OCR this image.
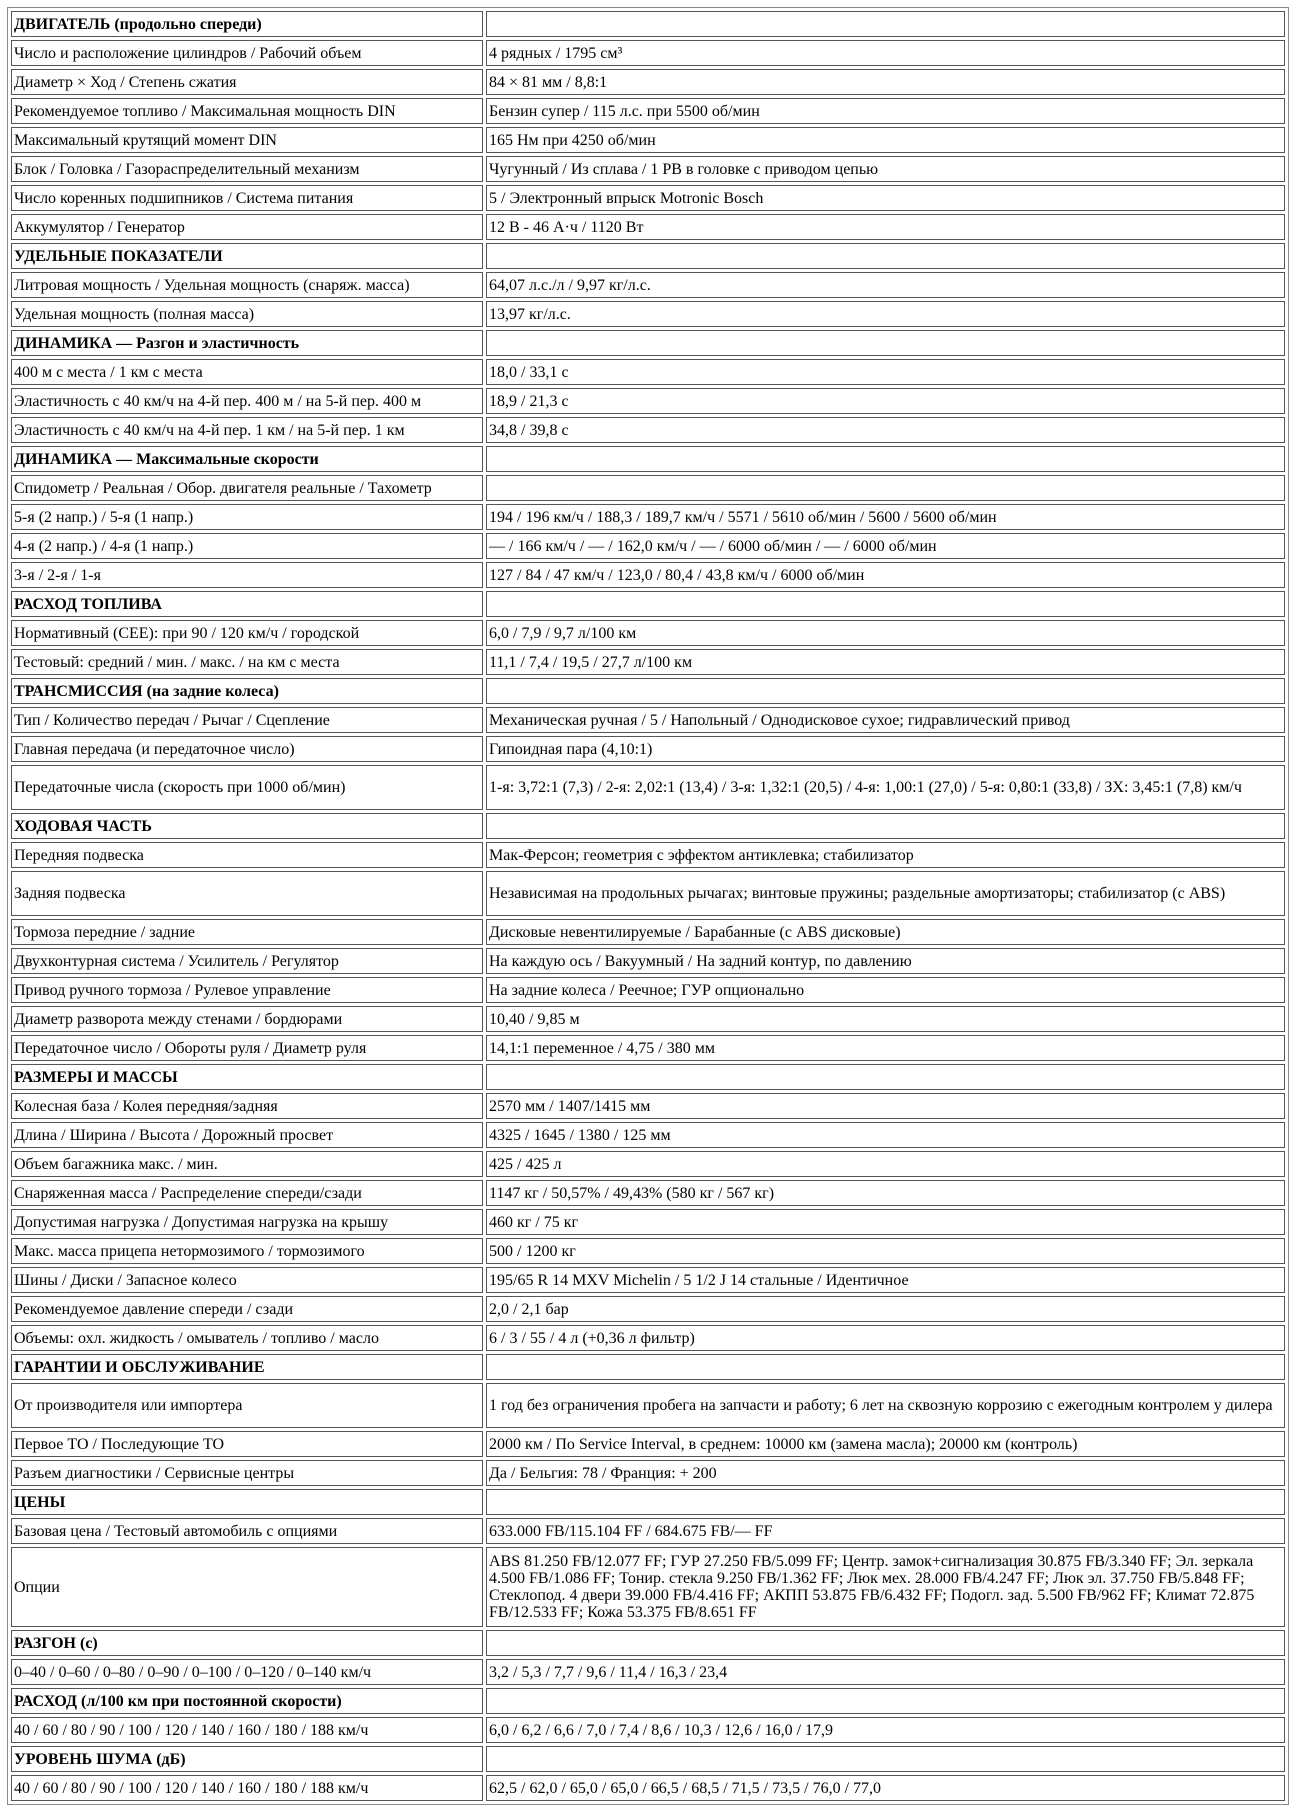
ДВИГАТЕЛЬ (продольно спереди)	
Число и расположение цилиндров / Рабочий объем	4 рядных / 1795 см³
Диаметр × Ход / Степень сжатия	84 × 81 мм / 8,8:1
Рекомендуемое топливо / Максимальная мощность DIN	Бензин супер / 115 л.с. при 5500 об/мин
Максимальный крутящий момент DIN	165 Нм при 4250 об/мин
Блок / Головка / Газораспределительный механизм	Чугунный / Из сплава / 1 РВ в головке с приводом цепью
Число коренных подшипников / Система питания	5 / Электронный впрыск Motronic Bosch
Аккумулятор / Генератор	12 В - 46 А·ч / 1120 Вт
УДЕЛЬНЫЕ ПОКАЗАТЕЛИ	
Литровая мощность / Удельная мощность (снаряж. масса)	64,07 л.с./л / 9,97 кг/л.с.
Удельная мощность (полная масса)	13,97 кг/л.с.
ДИНАМИКА — Разгон и эластичность	
400 м с места / 1 км с места	18,0 / 33,1 с
Эластичность с 40 км/ч на 4-й пер. 400 м / на 5-й пер. 400 м	18,9 / 21,3 с
Эластичность с 40 км/ч на 4-й пер. 1 км / на 5-й пер. 1 км	34,8 / 39,8 с
ДИНАМИКА — Максимальные скорости	
Спидометр / Реальная / Обор. двигателя реальные / Тахометр	
5-я (2 напр.) / 5-я (1 напр.)	194 / 196 км/ч / 188,3 / 189,7 км/ч / 5571 / 5610 об/мин / 5600 / 5600 об/мин
4-я (2 напр.) / 4-я (1 напр.)	— / 166 км/ч / — / 162,0 км/ч / — / 6000 об/мин / — / 6000 об/мин
3-я / 2-я / 1-я	127 / 84 / 47 км/ч / 123,0 / 80,4 / 43,8 км/ч / 6000 об/мин
РАСХОД ТОПЛИВА	
Нормативный (CEE): при 90 / 120 км/ч / городской	6,0 / 7,9 / 9,7 л/100 км
Тестовый: средний / мин. / макс. / на км с места	11,1 / 7,4 / 19,5 / 27,7 л/100 км
ТРАНСМИССИЯ (на задние колеса)	
Тип / Количество передач / Рычаг / Сцепление	Механическая ручная / 5 / Напольный / Однодисковое сухое; гидравлический привод
Главная передача (и передаточное число)	Гипоидная пара (4,10:1)
Передаточные числа (скорость при 1000 об/мин)	1-я: 3,72:1 (7,3) / 2-я: 2,02:1 (13,4) / 3-я: 1,32:1 (20,5) / 4-я: 1,00:1 (27,0) / 5-я: 0,80:1 (33,8) / ЗХ: 3,45:1 (7,8) км/ч
ХОДОВАЯ ЧАСТЬ	
Передняя подвеска	Мак-Ферсон; геометрия с эффектом антиклевка; стабилизатор
Задняя подвеска	Независимая на продольных рычагах; винтовые пружины; раздельные амортизаторы; стабилизатор (с ABS)
Тормоза передние / задние	Дисковые невентилируемые / Барабанные (с ABS дисковые)
Двухконтурная система / Усилитель / Регулятор	На каждую ось / Вакуумный / На задний контур, по давлению
Привод ручного тормоза / Рулевое управление	На задние колеса / Реечное; ГУР опционально
Диаметр разворота между стенами / бордюрами	10,40 / 9,85 м
Передаточное число / Обороты руля / Диаметр руля	14,1:1 переменное / 4,75 / 380 мм
РАЗМЕРЫ И МАССЫ	
Колесная база / Колея передняя/задняя	2570 мм / 1407/1415 мм
Длина / Ширина / Высота / Дорожный просвет	4325 / 1645 / 1380 / 125 мм
Объем багажника макс. / мин.	425 / 425 л
Снаряженная масса / Распределение спереди/сзади	1147 кг / 50,57% / 49,43% (580 кг / 567 кг)
Допустимая нагрузка / Допустимая нагрузка на крышу	460 кг / 75 кг
Макс. масса прицепа нетормозимого / тормозимого	500 / 1200 кг
Шины / Диски / Запасное колесо	195/65 R 14 MXV Michelin / 5 1/2 J 14 стальные / Идентичное
Рекомендуемое давление спереди / сзади	2,0 / 2,1 бар
Объемы: охл. жидкость / омыватель / топливо / масло	6 / 3 / 55 / 4 л (+0,36 л фильтр)
ГАРАНТИИ И ОБСЛУЖИВАНИЕ	
От производителя или импортера	1 год без ограничения пробега на запчасти и работу; 6 лет на сквозную коррозию с ежегодным контролем у дилера
Первое ТО / Последующие ТО	2000 км / По Service Interval, в среднем: 10000 км (замена масла); 20000 км (контроль)
Разъем диагностики / Сервисные центры	Да / Бельгия: 78 / Франция: + 200
ЦЕНЫ	
Базовая цена / Тестовый автомобиль с опциями	633.000 FB/115.104 FF / 684.675 FB/— FF
Опции	ABS 81.250 FB/12.077 FF; ГУР 27.250 FB/5.099 FF; Центр. замок+сигнализация 30.875 FB/3.340 FF; Эл. зеркала 4.500 FB/1.086 FF; Тонир. стекла 9.250 FB/1.362 FF; Люк мех. 28.000 FB/4.247 FF; Люк эл. 37.750 FB/5.848 FF; Стеклопод. 4 двери 39.000 FB/4.416 FF; АКПП 53.875 FB/6.432 FF; Подогл. зад. 5.500 FB/962 FF; Климат 72.875 FB/12.533 FF; Кожа 53.375 FB/8.651 FF
РАЗГОН (с)	
0–40 / 0–60 / 0–80 / 0–90 / 0–100 / 0–120 / 0–140 км/ч	3,2 / 5,3 / 7,7 / 9,6 / 11,4 / 16,3 / 23,4
РАСХОД (л/100 км при постоянной скорости)	
40 / 60 / 80 / 90 / 100 / 120 / 140 / 160 / 180 / 188 км/ч	6,0 / 6,2 / 6,6 / 7,0 / 7,4 / 8,6 / 10,3 / 12,6 / 16,0 / 17,9
УРОВЕНЬ ШУМА (дБ)	
40 / 60 / 80 / 90 / 100 / 120 / 140 / 160 / 180 / 188 км/ч	62,5 / 62,0 / 65,0 / 65,0 / 66,5 / 68,5 / 71,5 / 73,5 / 76,0 / 77,0
